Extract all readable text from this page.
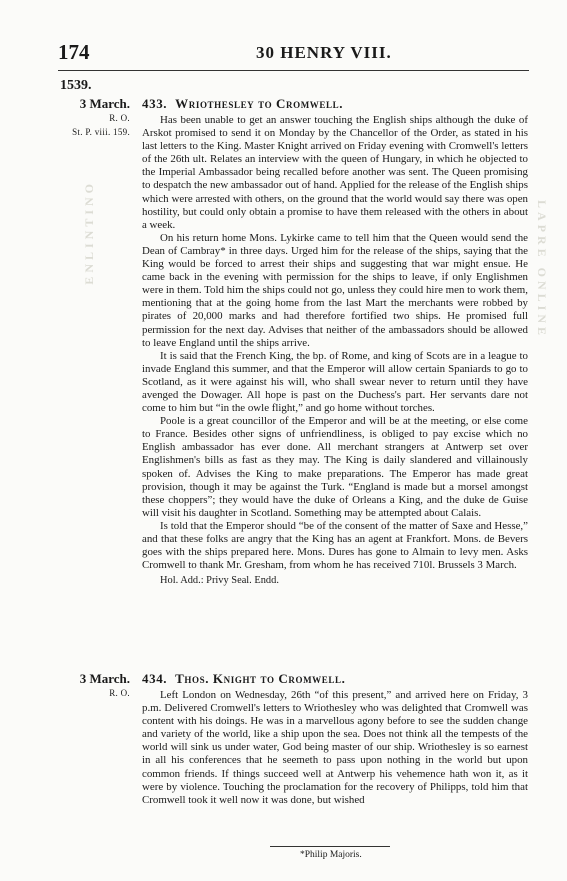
174	30 HENRY VIII.
1539.
3 March.
R. O.
St. P. viii. 159.
433. Wriothesley to Cromwell.

Has been unable to get an answer touching the English ships although the duke of Arskot promised to send it on Monday by the Chancellor of the Order, as stated in his last letters to the King. Master Knight arrived on Friday evening with Cromwell's letters of the 26th ult. Relates an interview with the queen of Hungary, in which he objected to the Imperial Ambassador being recalled before another was sent. The Queen promising to despatch the new ambassador out of hand. Applied for the release of the English ships which were arrested with others, on the ground that the world would say there was open hostility, but could only obtain a promise to have them released with the others in about a week.

On his return home Mons. Lykirke came to tell him that the Queen would send the Dean of Cambray* in three days. Urged him for the release of the ships, saying that the King would be forced to arrest their ships and suggesting that war might ensue. He came back in the evening with permission for the ships to leave, if only Englishmen were in them. Told him the ships could not go, unless they could hire men to work them, mentioning that at the going home from the last Mart the merchants were robbed by pirates of 20,000 marks and had therefore fortified two ships. He promised full permission for the next day. Advises that neither of the ambassadors should be allowed to leave England until the ships arrive.

It is said that the French King, the bp. of Rome, and king of Scots are in a league to invade England this summer, and that the Emperor will allow certain Spaniards to go to Scotland, as it were against his will, who shall swear never to return until they have avenged the Dowager. All hope is past on the Duchess's part. Her servants dare not come to him but “in the owle flight,” and go home without torches.

Poole is a great councillor of the Emperor and will be at the meeting, or else come to France. Besides other signs of unfriendliness, is obliged to pay excise which no English ambassador has ever done. All merchant strangers at Antwerp set over Englishmen's bills as fast as they may. The King is daily slandered and villainously spoken of. Advises the King to make preparations. The Emperor has made great provision, though it may be against the Turk. “England is made but a morsel amongst these choppers”; they would have the duke of Orleans a King, and the duke de Guise will visit his daughter in Scotland. Something may be attempted about Calais.

Is told that the Emperor should “be of the consent of the matter of Saxe and Hesse,” and that these folks are angry that the King has an agent at Frankfort. Mons. de Bevers goes with the ships prepared here. Mons. Dures has gone to Almain to levy men. Asks Cromwell to thank Mr. Gresham, from whom he has received 710l. Brussels 3 March.

Hol. Add.: Privy Seal. Endd.

3 March.
R. O.
434. Thos. Knight to Cromwell.

Left London on Wednesday, 26th “of this present,” and arrived here on Friday, 3 p.m. Delivered Cromwell's letters to Wriothesley who was delighted that Cromwell was content with his doings. He was in a marvellous agony before to see the sudden change and variety of the world, like a ship upon the sea. Does not think all the tempests of the world will sink us under water, God being master of our ship. Wriothesley is so earnest in all his conferences that he seemeth to pass upon nothing in the world but upon common friends. If things succeed well at Antwerp his vehemence hath won it, as it were by violence. Touching the proclamation for the recovery of Philipps, told him that Cromwell took it well now it was done, but wished

*Philip Majoris.
ENLINTINO	LAPRE ONLINE
